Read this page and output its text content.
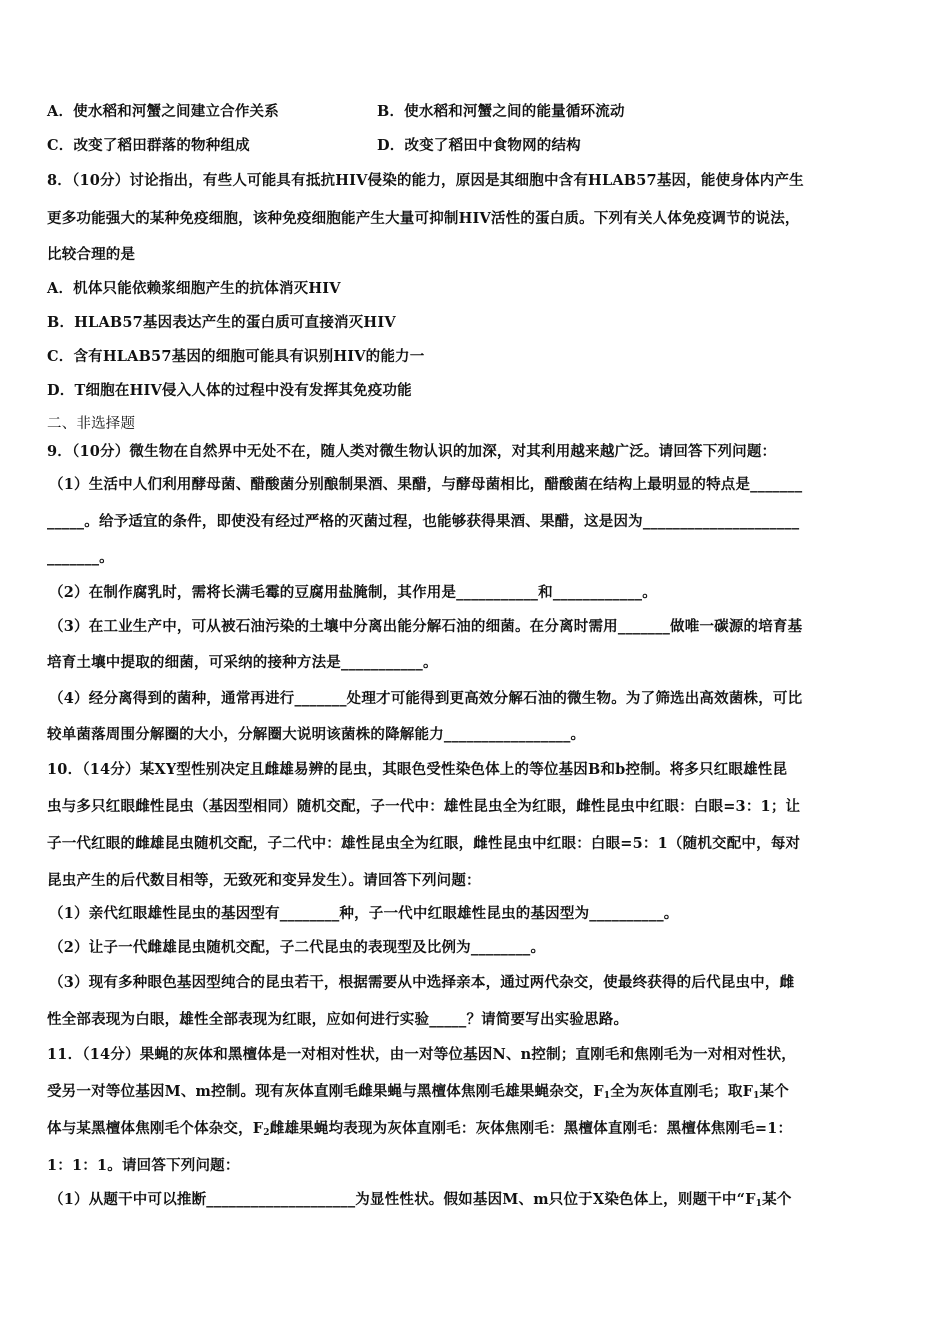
A．使水稻和河蟹之间建立合作关系	B．使水稻和河蟹之间的能量循环流动
C．改变了稻田群落的物种组成	D．改变了稻田中食物网的结构
8．（10分）讨论指出，有些人可能具有抵抗HIV侵染的能力，原因是其细胞中含有HLAB57基因，能使身体内产生
更多功能强大的某种免疫细胞，该种免疫细胞能产生大量可抑制HIV活性的蛋白质。下列有关人体免疫调节的说法，
比较合理的是
A．机体只能依赖浆细胞产生的抗体消灭HIV
B．HLAB57基因表达产生的蛋白质可直接消灭HIV
C．含有HLAB57基因的细胞可能具有识别HIV的能力一
D．T细胞在HIV侵入人体的过程中没有发挥其免疫功能
二、非选择题
9．（10分）微生物在自然界中无处不在，随人类对微生物认识的加深，对其利用越来越广泛。请回答下列问题：
（1）生活中人们利用酵母菌、醋酸菌分别酿制果酒、果醋，与酵母菌相比，醋酸菌在结构上最明显的特点是_______
_____。给予适宜的条件，即使没有经过严格的灭菌过程，也能够获得果酒、果醋，这是因为_____________________
_______。
（2）在制作腐乳时，需将长满毛霉的豆腐用盐腌制，其作用是___________和____________。
（3）在工业生产中，可从被石油污染的土壤中分离出能分解石油的细菌。在分离时需用_______做唯一碳源的培育基
培育土壤中提取的细菌，可采纳的接种方法是___________。
（4）经分离得到的菌种，通常再进行_______处理才可能得到更高效分解石油的微生物。为了筛选出高效菌株，可比
较单菌落周围分解圈的大小，分解圈大说明该菌株的降解能力_________________。
10．（14分）某XY型性别决定且雌雄易辨的昆虫，其眼色受性染色体上的等位基因B和b控制。将多只红眼雄性昆
虫与多只红眼雌性昆虫（基因型相同）随机交配，子一代中：雄性昆虫全为红眼，雌性昆虫中红眼：白眼=3：1；让
子一代红眼的雌雄昆虫随机交配，子二代中：雄性昆虫全为红眼，雌性昆虫中红眼：白眼=5：1（随机交配中，每对
昆虫产生的后代数目相等，无致死和变异发生）。请回答下列问题：
（1）亲代红眼雄性昆虫的基因型有________种，子一代中红眼雄性昆虫的基因型为__________。
（2）让子一代雌雄昆虫随机交配，子二代昆虫的表现型及比例为________。
（3）现有多种眼色基因型纯合的昆虫若干，根据需要从中选择亲本，通过两代杂交，使最终获得的后代昆虫中，雌
性全部表现为白眼，雄性全部表现为红眼，应如何进行实验_____？请简要写出实验思路。
11．（14分）果蝇的灰体和黑檀体是一对相对性状，由一对等位基因N、n控制；直刚毛和焦刚毛为一对相对性状，
受另一对等位基因M、m控制。现有灰体直刚毛雌果蝇与黑檀体焦刚毛雄果蝇杂交，$F_1$全为灰体直刚毛；取$F_1$某个
体与某黑檀体焦刚毛个体杂交，$F_2$雌雄果蝇均表现为灰体直刚毛：灰体焦刚毛：黑檀体直刚毛：黑檀体焦刚毛=1：
1：1：1。请回答下列问题：
（1）从题干中可以推断____________________为显性性状。假如基因M、m只位于X染色体上，则题干中“$F_1$某个
